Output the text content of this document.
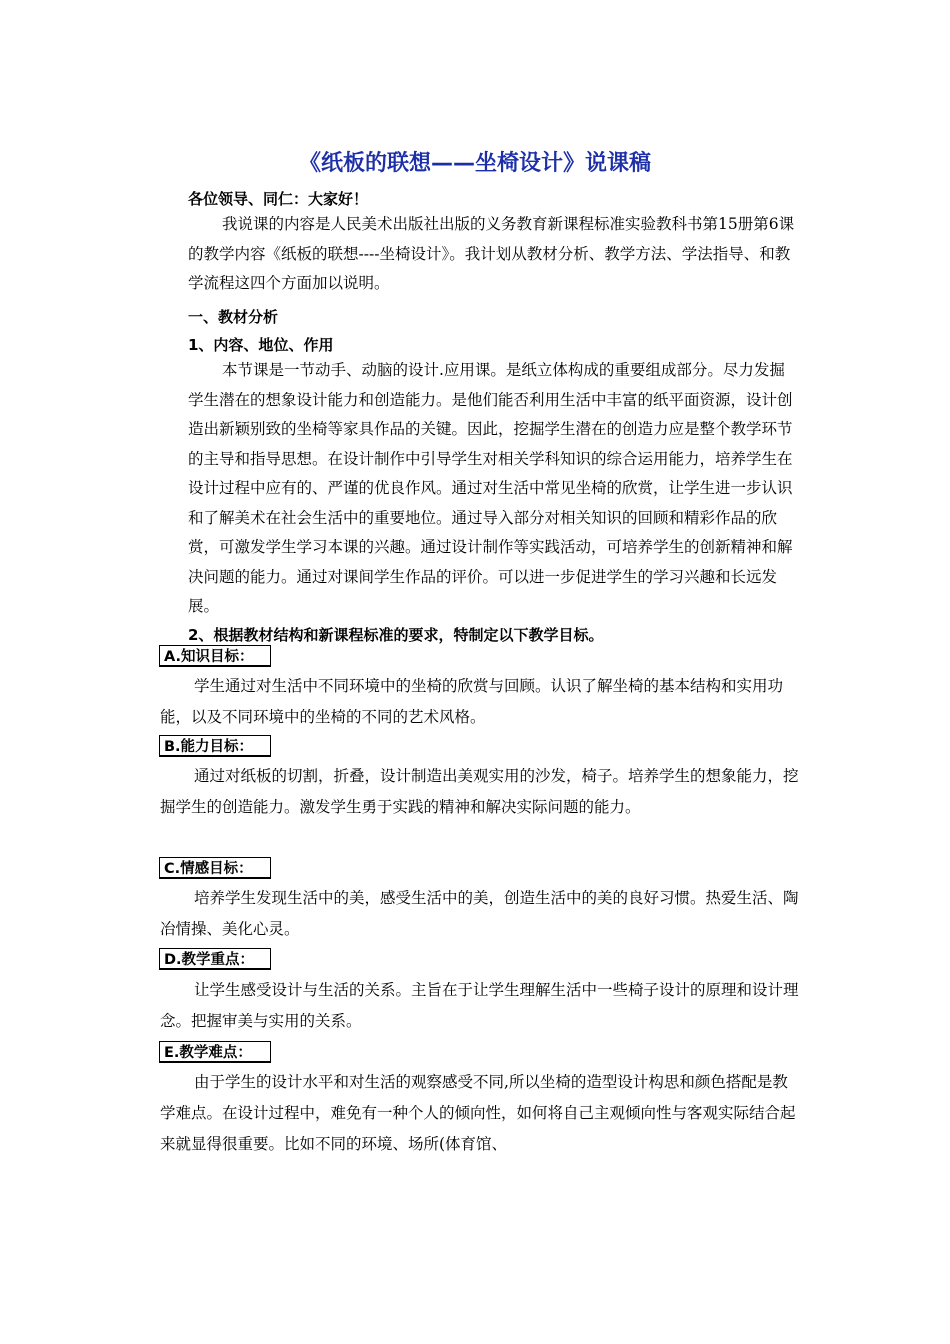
《纸板的联想——坐椅设计》说课稿
各位领导、同仁：大家好！
我说课的内容是人民美术出版社出版的义务教育新课程标准实验教科书第15册第6课的教学内容《纸板的联想----坐椅设计》。我计划从教材分析、教学方法、学法指导、和教学流程这四个方面加以说明。
一、教材分析
1、内容、地位、作用
本节课是一节动手、动脑的设计.应用课。是纸立体构成的重要组成部分。尽力发掘学生潜在的想象设计能力和创造能力。是他们能否利用生活中丰富的纸平面资源，设计创造出新颖别致的坐椅等家具作品的关键。因此，挖掘学生潜在的创造力应是整个教学环节的主导和指导思想。在设计制作中引导学生对相关学科知识的综合运用能力，培养学生在设计过程中应有的、严谨的优良作风。通过对生活中常见坐椅的欣赏，让学生进一步认识和了解美术在社会生活中的重要地位。通过导入部分对相关知识的回顾和精彩作品的欣赏，可激发学生学习本课的兴趣。通过设计制作等实践活动，可培养学生的创新精神和解决问题的能力。通过对课间学生作品的评价。可以进一步促进学生的学习兴趣和长远发展。
2、根据教材结构和新课程标准的要求，特制定以下教学目标。
A.知识目标：
学生通过对生活中不同环境中的坐椅的欣赏与回顾。认识了解坐椅的基本结构和实用功能，以及不同环境中的坐椅的不同的艺术风格。
B.能力目标：
通过对纸板的切割，折叠，设计制造出美观实用的沙发，椅子。培养学生的想象能力，挖掘学生的创造能力。激发学生勇于实践的精神和解决实际问题的能力。
C.情感目标：
培养学生发现生活中的美，感受生活中的美，创造生活中的美的良好习惯。热爱生活、陶冶情操、美化心灵。
D.教学重点：
让学生感受设计与生活的关系。主旨在于让学生理解生活中一些椅子设计的原理和设计理念。把握审美与实用的关系。
E.教学难点：
由于学生的设计水平和对生活的观察感受不同,所以坐椅的造型设计构思和颜色搭配是教学难点。在设计过程中，难免有一种个人的倾向性，如何将自己主观倾向性与客观实际结合起来就显得很重要。比如不同的环境、场所(体育馆、
